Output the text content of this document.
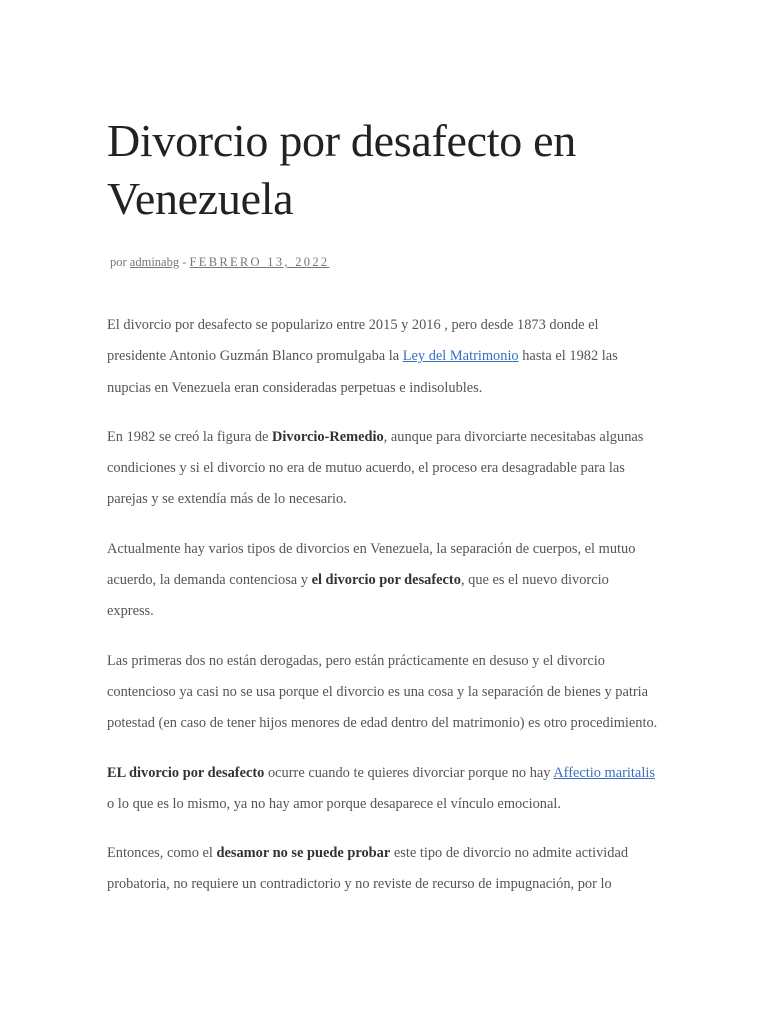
Divorcio por desafecto en Venezuela
por adminabg - FEBRERO 13, 2022

El divorcio por desafecto se popularizo entre 2015 y 2016 , pero desde 1873 donde el presidente Antonio Guzmán Blanco promulgaba la Ley del Matrimonio hasta el 1982 las nupcias en Venezuela eran consideradas perpetuas e indisolubles.

En 1982 se creó la figura de Divorcio-Remedio, aunque para divorciarte necesitabas algunas condiciones y si el divorcio no era de mutuo acuerdo, el proceso era desagradable para las parejas y se extendía más de lo necesario.

Actualmente hay varios tipos de divorcios en Venezuela, la separación de cuerpos, el mutuo acuerdo, la demanda contenciosa y el divorcio por desafecto, que es el nuevo divorcio express.

Las primeras dos no están derogadas, pero están prácticamente en desuso y el divorcio contencioso ya casi no se usa porque el divorcio es una cosa y la separación de bienes y patria potestad (en caso de tener hijos menores de edad dentro del matrimonio) es otro procedimiento.

EL divorcio por desafecto ocurre cuando te quieres divorciar porque no hay Affectio maritalis o lo que es lo mismo, ya no hay amor porque desaparece el vínculo emocional.

Entonces, como el desamor no se puede probar este tipo de divorcio no admite actividad probatoria, no requiere un contradictorio y no reviste de recurso de impugnación, por lo
